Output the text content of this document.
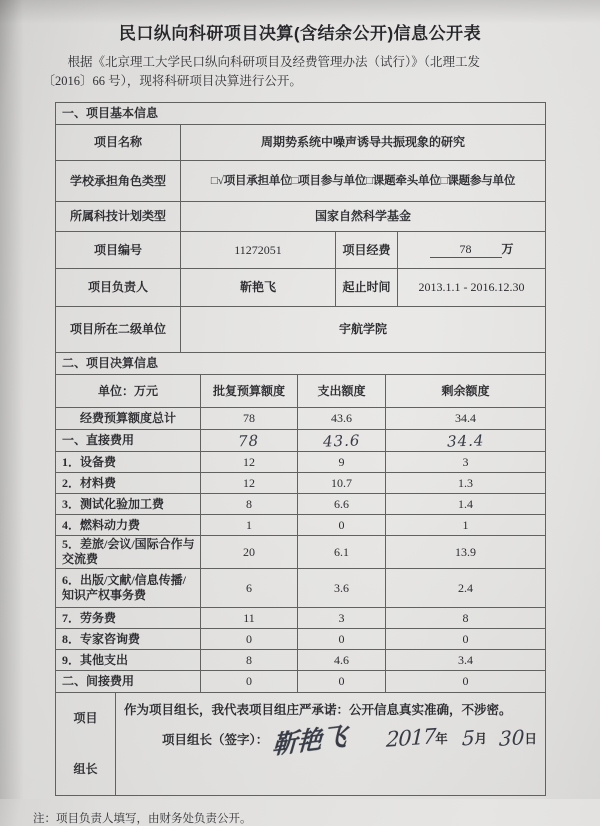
民口纵向科研项目决算(含结余公开)信息公开表
根据《北京理工大学民口纵向科研项目及经费管理办法（试行）》（北理工发
〔2016〕66 号），现将科研项目决算进行公开。
一、项目基本信息			
项目名称	周期势系统中噪声诱导共振现象的研究		
学校承担角色类型	□√项目承担单位□项目参与单位□课题牵头单位□课题参与单位		
所属科技计划类型	国家自然科学基金		
项目编号	11272051	项目经费	78 万
项目负责人	靳艳飞	起止时间	2013.1.1 - 2016.12.30
项目所在二级单位	宇航学院		
二、项目决算信息			
单位：万元	批复预算额度	支出额度	剩余额度
经费预算额度总计	78	43.6	34.4
一、直接费用	78	43.6	34.4
1．设备费	12	9	3
2．材料费	12	10.7	1.3
3．测试化验加工费	8	6.6	1.4
4．燃料动力费	1	0	1
5．差旅/会议/国际合作与交流费	20	6.1	13.9
6．出版/文献/信息传播/知识产权事务费	6	3.6	2.4
7．劳务费	11	3	8
8．专家咨询费	0	0	0
9．其他支出	8	4.6	3.4
二、间接费用	0	0	0
项目
组长

作为项目组长，我代表项目组庄严承诺：公开信息真实准确，不涉密。
项目组长（签字）： 靳艳飞 2017 年 5 月 30 日
注：项目负责人填写，由财务处负责公开。
